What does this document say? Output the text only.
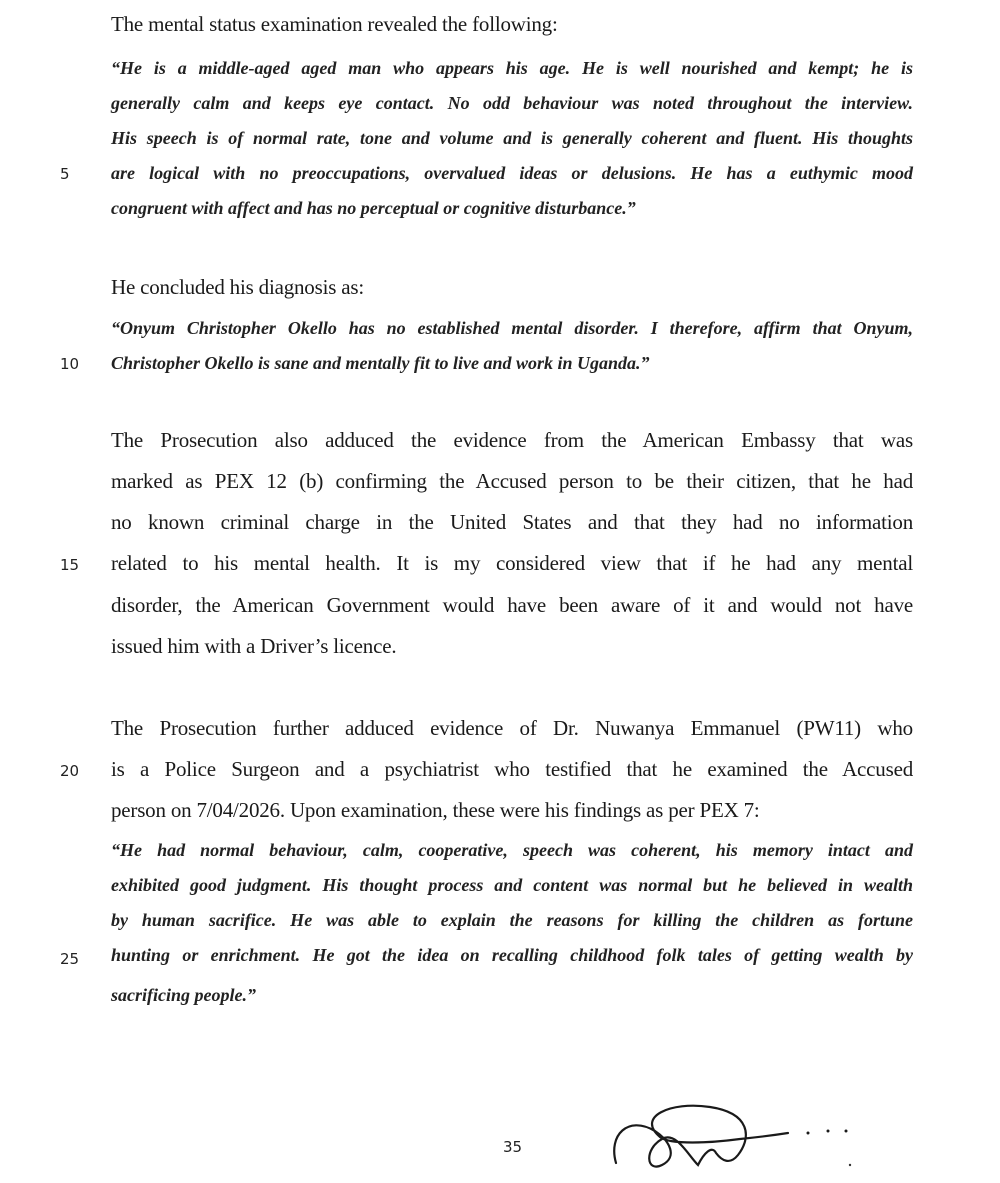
The mental status examination revealed the following:
“He is a middle-aged aged man who appears his age. He is well nourished and kempt; he is
generally calm and keeps eye contact. No odd behaviour was noted throughout the interview.
His speech is of normal rate, tone and volume and is generally coherent and fluent. His thoughts
are logical with no preoccupations, overvalued ideas or delusions. He has a euthymic mood
congruent with affect and has no perceptual or cognitive disturbance.”
5
He concluded his diagnosis as:
“Onyum Christopher Okello has no established mental disorder. I therefore, affirm that Onyum,
Christopher Okello is sane and mentally fit to live and work in Uganda.”
10
The Prosecution also adduced the evidence from the American Embassy that was
marked as PEX 12 (b) confirming the Accused person to be their citizen, that he had
no known criminal charge in the United States and that they had no information
related to his mental health. It is my considered view that if he had any mental
disorder, the American Government would have been aware of it and would not have
issued him with a Driver’s licence.
15
The Prosecution further adduced evidence of Dr. Nuwanya Emmanuel (PW11) who
is a Police Surgeon and a psychiatrist who testified that he examined the Accused
person on 7/04/2026. Upon examination, these were his findings as per PEX 7:
20
“He had normal behaviour, calm, cooperative, speech was coherent, his memory intact and
exhibited good judgment. His thought process and content was normal but he believed in wealth
by human sacrifice. He was able to explain the reasons for killing the children as fortune
hunting or enrichment. He got the idea on recalling childhood folk tales of getting wealth by
sacrificing people.”
25
35
